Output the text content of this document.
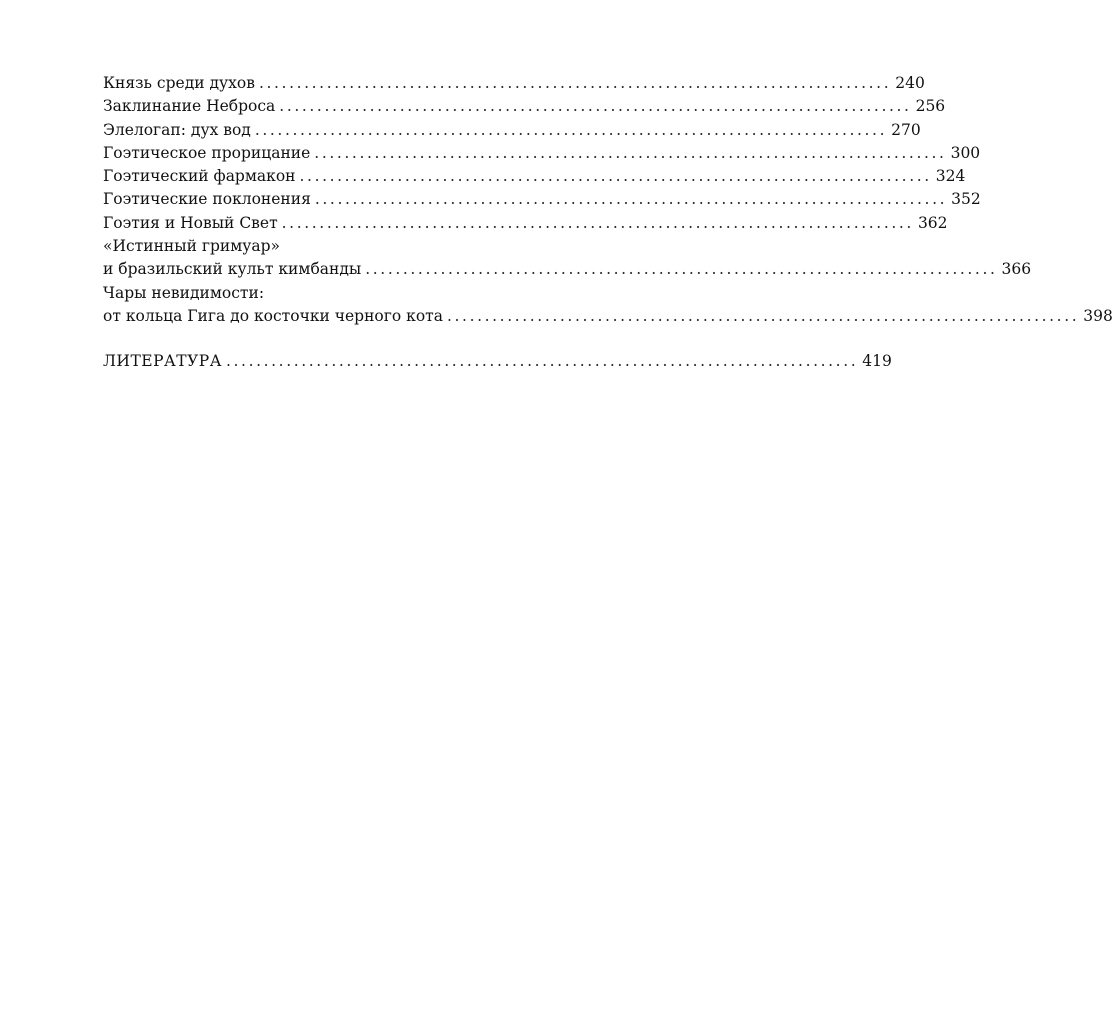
Князь среди духов .................................................................................... 240
Заклинание Неброса .................................................................................... 256
Элелогап: дух вод .................................................................................... 270
Гоэтическое прорицание .................................................................................... 300
Гоэтический фармакон .................................................................................... 324
Гоэтические поклонения .................................................................................... 352
Гоэтия и Новый Свет .................................................................................... 362
«Истинный гримуар»
и бразильский культ кимбанды .................................................................................... 366
Чары невидимости:
от кольца Гига до косточки черного кота .................................................................................... 398
ЛИТЕРАТУРА .................................................................................... 419
